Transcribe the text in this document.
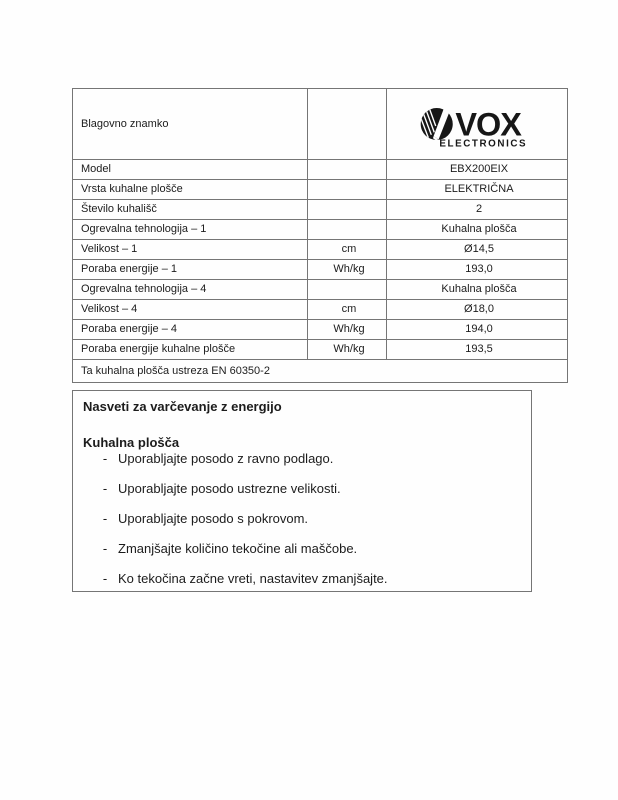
Blagovno znamko		VOX
ELECTRONICS

Model		EBX200EIX
Vrsta kuhalne plošče		ELEKTRIČNA
Število kuhališč		2
Ogrevalna tehnologija – 1		Kuhalna plošča
Velikost – 1	cm	Ø14,5
Poraba energije – 1	Wh/kg	193,0
Ogrevalna tehnologija – 4		Kuhalna plošča
Velikost – 4	cm	Ø18,0
Poraba energije – 4	Wh/kg	194,0
Poraba energije kuhalne plošče	Wh/kg	193,5
Ta kuhalna plošča ustreza EN 60350-2		
Nasveti za varčevanje z energijo
Kuhalna plošča
- Uporabljajte posodo z ravno podlago.
- Uporabljajte posodo ustrezne velikosti.
- Uporabljajte posodo s pokrovom.
- Zmanjšajte količino tekočine ali maščobe.
- Ko tekočina začne vreti, nastavitev zmanjšajte.
